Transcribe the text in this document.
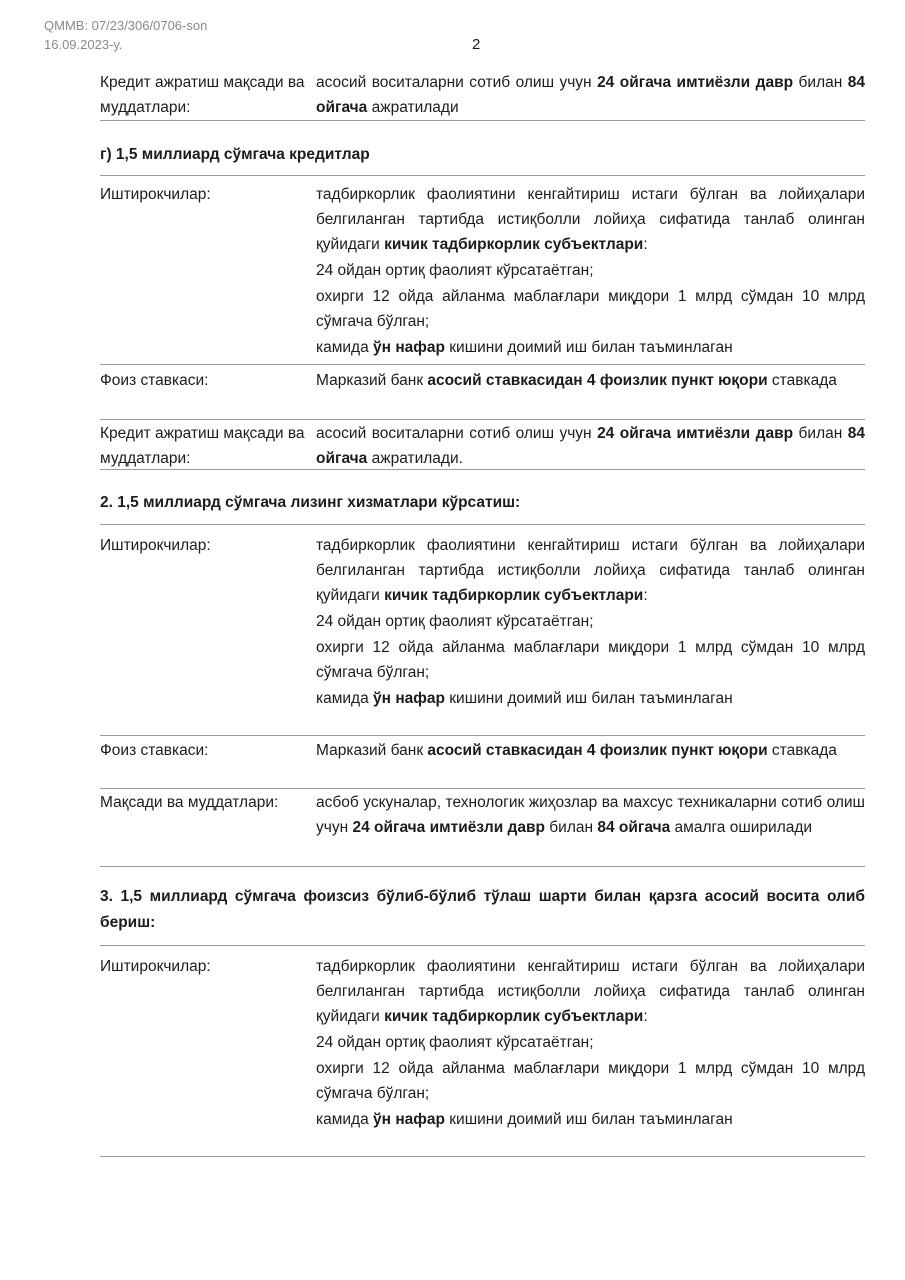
QMMB: 07/23/306/0706-son
16.09.2023-у.	2
Кредит ажратиш мақсади ва муддатлари:
асосий воситаларни сотиб олиш учун 24 ойгача имтиёзли давр билан 84 ойгача ажратилади
г) 1,5 миллиард сўмгача кредитлар
Иштирокчилар:	тадбиркорлик фаолиятини кенгайтириш истаги бўлган ва лойиҳалари белгиланган тартибда истиқболли лойиҳа сифатида танлаб олинган қуйидаги кичик тадбиркорлик субъектлари:

24 ойдан ортиқ фаолият кўрсатаётган;

охирги 12 ойда айланма маблағлари миқдори 1 млрд сўмдан 10 млрд сўмгача бўлган;

камида ўн нафар кишини доимий иш билан таъминлаган

Фоиз ставкаси:	Марказий банк асосий ставкасидан 4 фоизлик пункт юқори ставкада
Кредит ажратиш мақсади ва муддатлари:
асосий воситаларни сотиб олиш учун 24 ойгача имтиёзли давр билан 84 ойгача ажратилади.
2. 1,5 миллиард сўмгача лизинг хизматлари кўрсатиш:
Иштирокчилар:	тадбиркорлик фаолиятини кенгайтириш истаги бўлган ва лойиҳалари белгиланган тартибда истиқболли лойиҳа сифатида танлаб олинган қуйидаги кичик тадбиркорлик субъектлари:

24 ойдан ортиқ фаолият кўрсатаётган;

охирги 12 ойда айланма маблағлари миқдори 1 млрд сўмдан 10 млрд сўмгача бўлган;

камида ўн нафар кишини доимий иш билан таъминлаган

Фоиз ставкаси:	Марказий банк асосий ставкасидан 4 фоизлик пункт юқори ставкада
Мақсади ва муддатлари:	асбоб ускуналар, технологик жиҳозлар ва махсус техникаларни сотиб олиш учун 24 ойгача имтиёзли давр билан 84 ойгача амалга оширилади
3. 1,5 миллиард сўмгача фоизсиз бўлиб-бўлиб тўлаш шарти билан қарзга асосий восита олиб бериш:
Иштирокчилар:	тадбиркорлик фаолиятини кенгайтириш истаги бўлган ва лойиҳалари белгиланган тартибда истиқболли лойиҳа сифатида танлаб олинган қуйидаги кичик тадбиркорлик субъектлари:

24 ойдан ортиқ фаолият кўрсатаётган;

охирги 12 ойда айланма маблағлари миқдори 1 млрд сўмдан 10 млрд сўмгача бўлган;

камида ўн нафар кишини доимий иш билан таъминлаган
